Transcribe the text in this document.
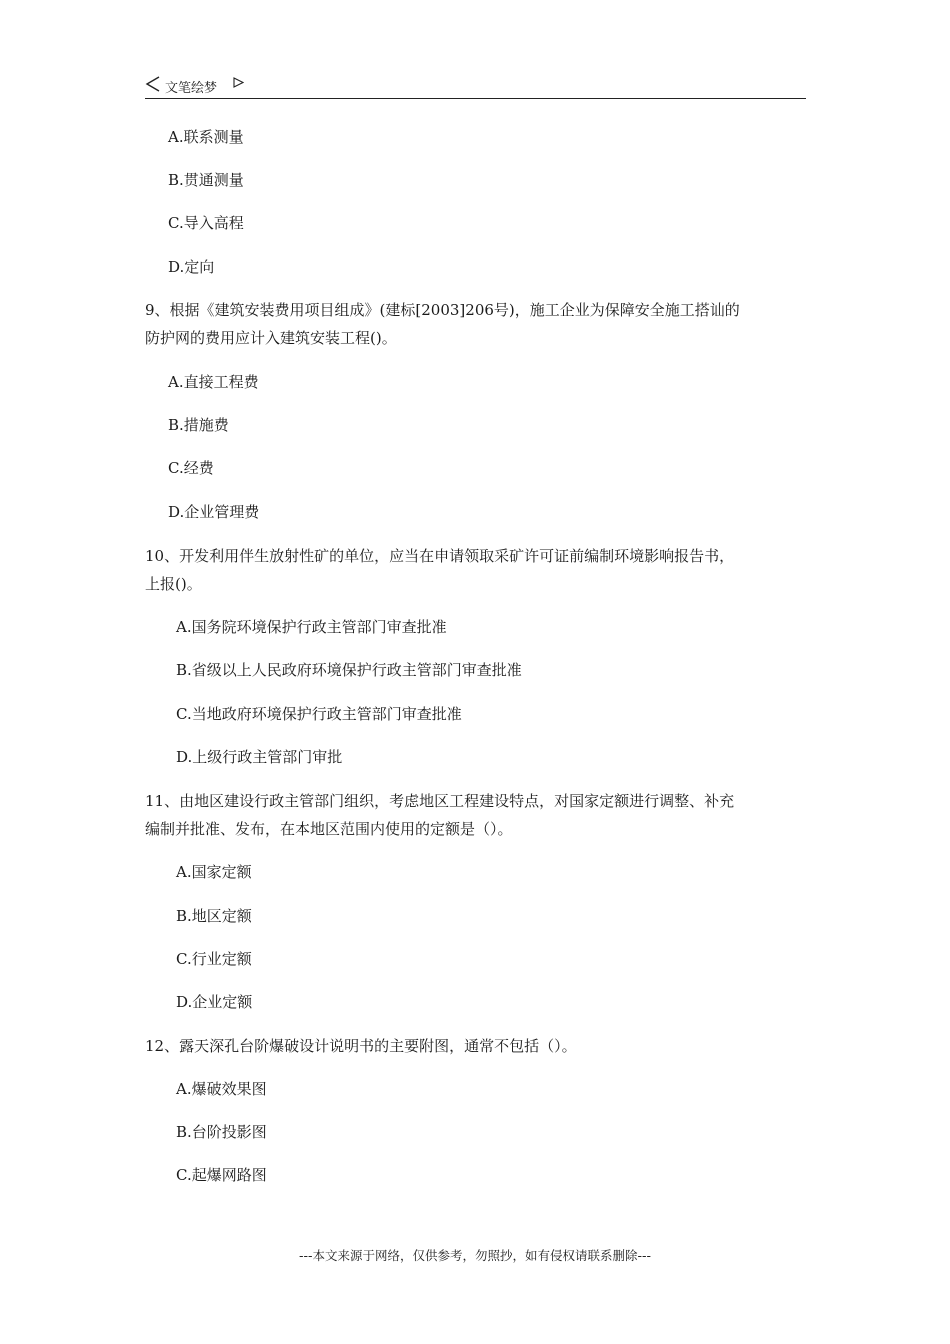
文笔绘梦
A.联系测量
B.贯通测量
C.导入高程
D.定向
9、根据《建筑安装费用项目组成》(建标[2003]206号)，施工企业为保障安全施工搭讪的
防护网的费用应计入建筑安装工程()。
A.直接工程费
B.措施费
C.经费
D.企业管理费
10、开发利用伴生放射性矿的单位，应当在申请领取采矿许可证前编制环境影响报告书，
上报()。
A.国务院环境保护行政主管部门审查批准
B.省级以上人民政府环境保护行政主管部门审查批准
C.当地政府环境保护行政主管部门审查批准
D.上级行政主管部门审批
11、由地区建设行政主管部门组织，考虑地区工程建设特点，对国家定额进行调整、补充
编制并批准、发布，在本地区范围内使用的定额是（）。
A.国家定额
B.地区定额
C.行业定额
D.企业定额
12、露天深孔台阶爆破设计说明书的主要附图，通常不包括（）。
A.爆破效果图
B.台阶投影图
C.起爆网路图
---本文来源于网络，仅供参考，勿照抄，如有侵权请联系删除---
